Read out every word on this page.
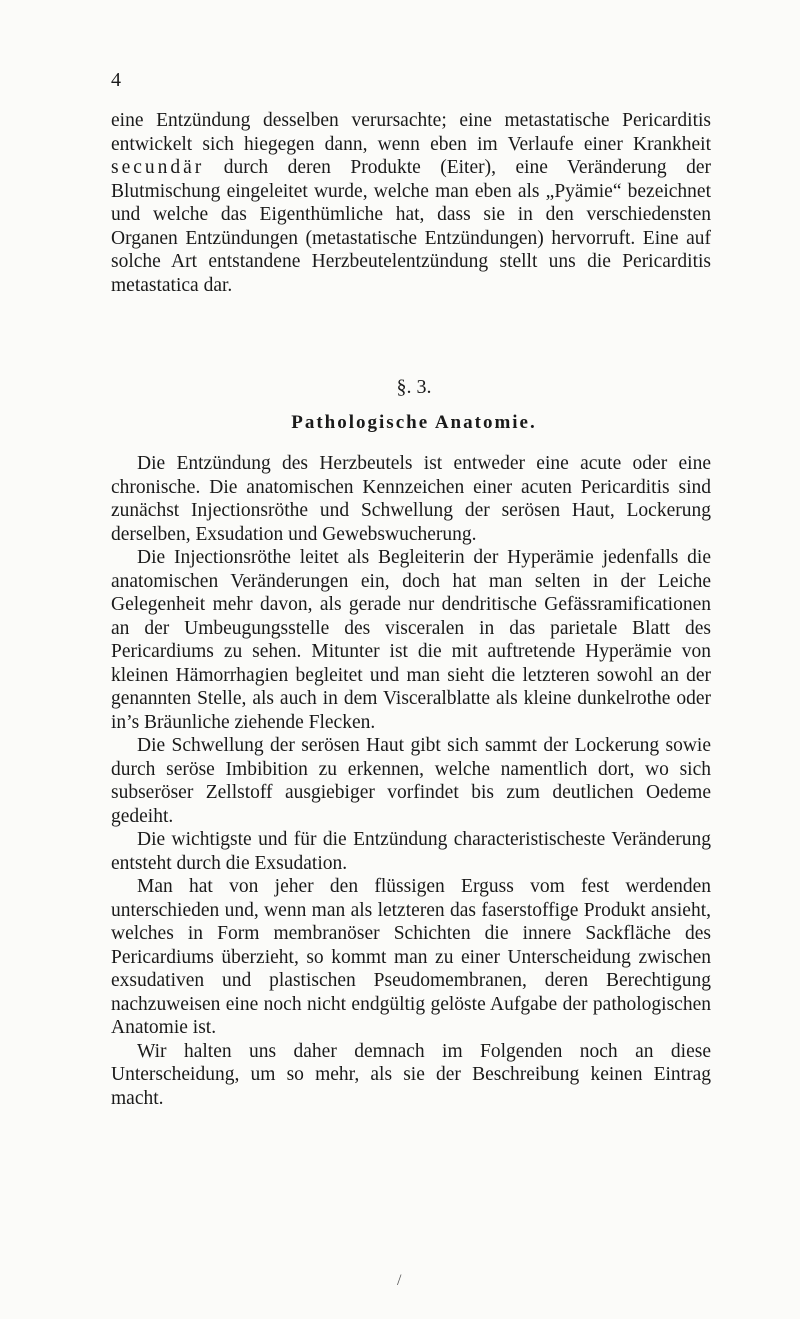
4

eine Entzündung desselben verursachte; eine metastatische Pericarditis entwickelt sich hiegegen dann, wenn eben im Verlaufe einer Krankheit secundär durch deren Produkte (Eiter), eine Veränderung der Blutmischung eingeleitet wurde, welche man eben als „Pyämie“ bezeichnet und welche das Eigenthümliche hat, dass sie in den verschiedensten Organen Entzündungen (metastatische Entzündungen) hervorruft. Eine auf solche Art entstandene Herzbeutelentzündung stellt uns die Pericarditis metastatica dar.

§. 3.
Pathologische Anatomie.

Die Entzündung des Herzbeutels ist entweder eine acute oder eine chronische. Die anatomischen Kennzeichen einer acuten Pericarditis sind zunächst Injectionsröthe und Schwellung der serösen Haut, Lockerung derselben, Exsudation und Gewebswucherung.

Die Injectionsröthe leitet als Begleiterin der Hyperämie jedenfalls die anatomischen Veränderungen ein, doch hat man selten in der Leiche Gelegenheit mehr davon, als gerade nur dendritische Gefässramificationen an der Umbeugungsstelle des visceralen in das parietale Blatt des Pericardiums zu sehen. Mitunter ist die mit auftretende Hyperämie von kleinen Hämorrhagien begleitet und man sieht die letzteren sowohl an der genannten Stelle, als auch in dem Visceralblatte als kleine dunkelrothe oder in’s Bräunliche ziehende Flecken.

Die Schwellung der serösen Haut gibt sich sammt der Lockerung sowie durch seröse Imbibition zu erkennen, welche namentlich dort, wo sich subseröser Zellstoff ausgiebiger vorfindet bis zum deutlichen Oedeme gedeiht.

Die wichtigste und für die Entzündung characteristischeste Veränderung entsteht durch die Exsudation.

Man hat von jeher den flüssigen Erguss vom fest werdenden unterschieden und, wenn man als letzteren das faserstoffige Produkt ansieht, welches in Form membranöser Schichten die innere Sackfläche des Pericardiums überzieht, so kommt man zu einer Unterscheidung zwischen exsudativen und plastischen Pseudomembranen, deren Berechtigung nachzuweisen eine noch nicht endgültig gelöste Aufgabe der pathologischen Anatomie ist.

Wir halten uns daher demnach im Folgenden noch an diese Unterscheidung, um so mehr, als sie der Beschreibung keinen Eintrag macht.

/
